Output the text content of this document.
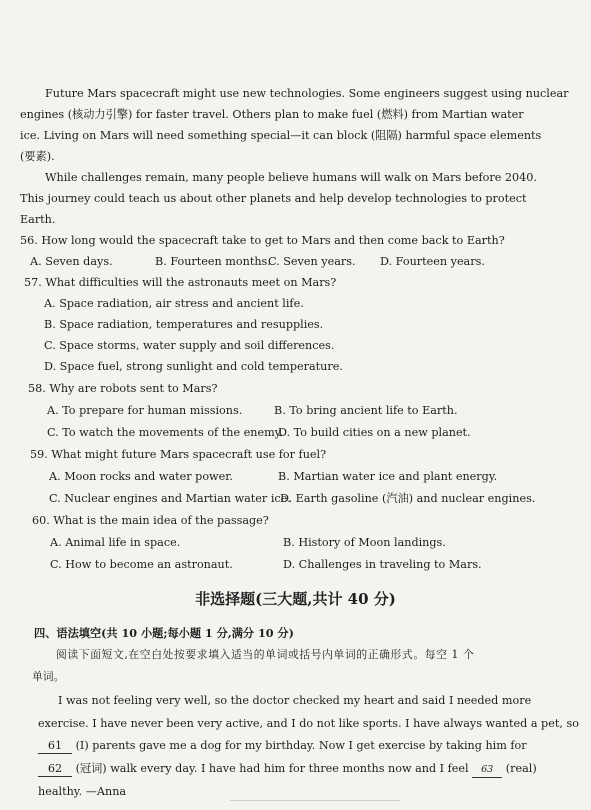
Future Mars spacecraft might use new technologies. Some engineers suggest using nuclear
engines (核动力引擎) for faster travel. Others plan to make fuel (燃料) from Martian water
ice. Living on Mars will need something special—it can block (阻隔) harmful space elements
(要素).
While challenges remain, many people believe humans will walk on Mars before 2040.
This journey could teach us about other planets and help develop technologies to protect
Earth.
56. How long would the spacecraft take to get to Mars and then come back to Earth?
A. Seven days.	B. Fourteen months.
C. Seven years. D. Fourteen years.
57. What difficulties will the astronauts meet on Mars?
A. Space radiation, air stress and ancient life.
B. Space radiation, temperatures and resupplies.
C. Space storms, water supply and soil differences.
D. Space fuel, strong sunlight and cold temperature.
58. Why are robots sent to Mars?
A. To prepare for human missions.	B. To bring ancient life to Earth.
C. To watch the movements of the enemy.
D. To build cities on a new planet.
59. What might future Mars spacecraft use for fuel?
A. Moon rocks and water power.	B. Martian water ice and plant energy.
C. Nuclear engines and Martian water ice.
D. Earth gasoline (汽油) and nuclear engines.
60. What is the main idea of the passage?
A. Animal life in space.	B. History of Moon landings.
C. How to become an astronaut.	D. Challenges in traveling to Mars.
非选择题(三大题,共计 40 分)
四、语法填空(共 10 小题;每小题 1 分,满分 10 分)
阅读下面短文,在空白处按要求填入适当的单词或括号内单词的正确形式。每空 1 个
单词。
I was not feeling very well, so the doctor checked my heart and said I needed more
exercise. I have never been very active, and I do not like sports. I have always wanted a pet, so
61 (I) parents gave me a dog for my birthday. Now I get exercise by taking him for
62 (冠词) walk every day. I have had him for three months now and I feel 63 (real)
healthy. —Anna
